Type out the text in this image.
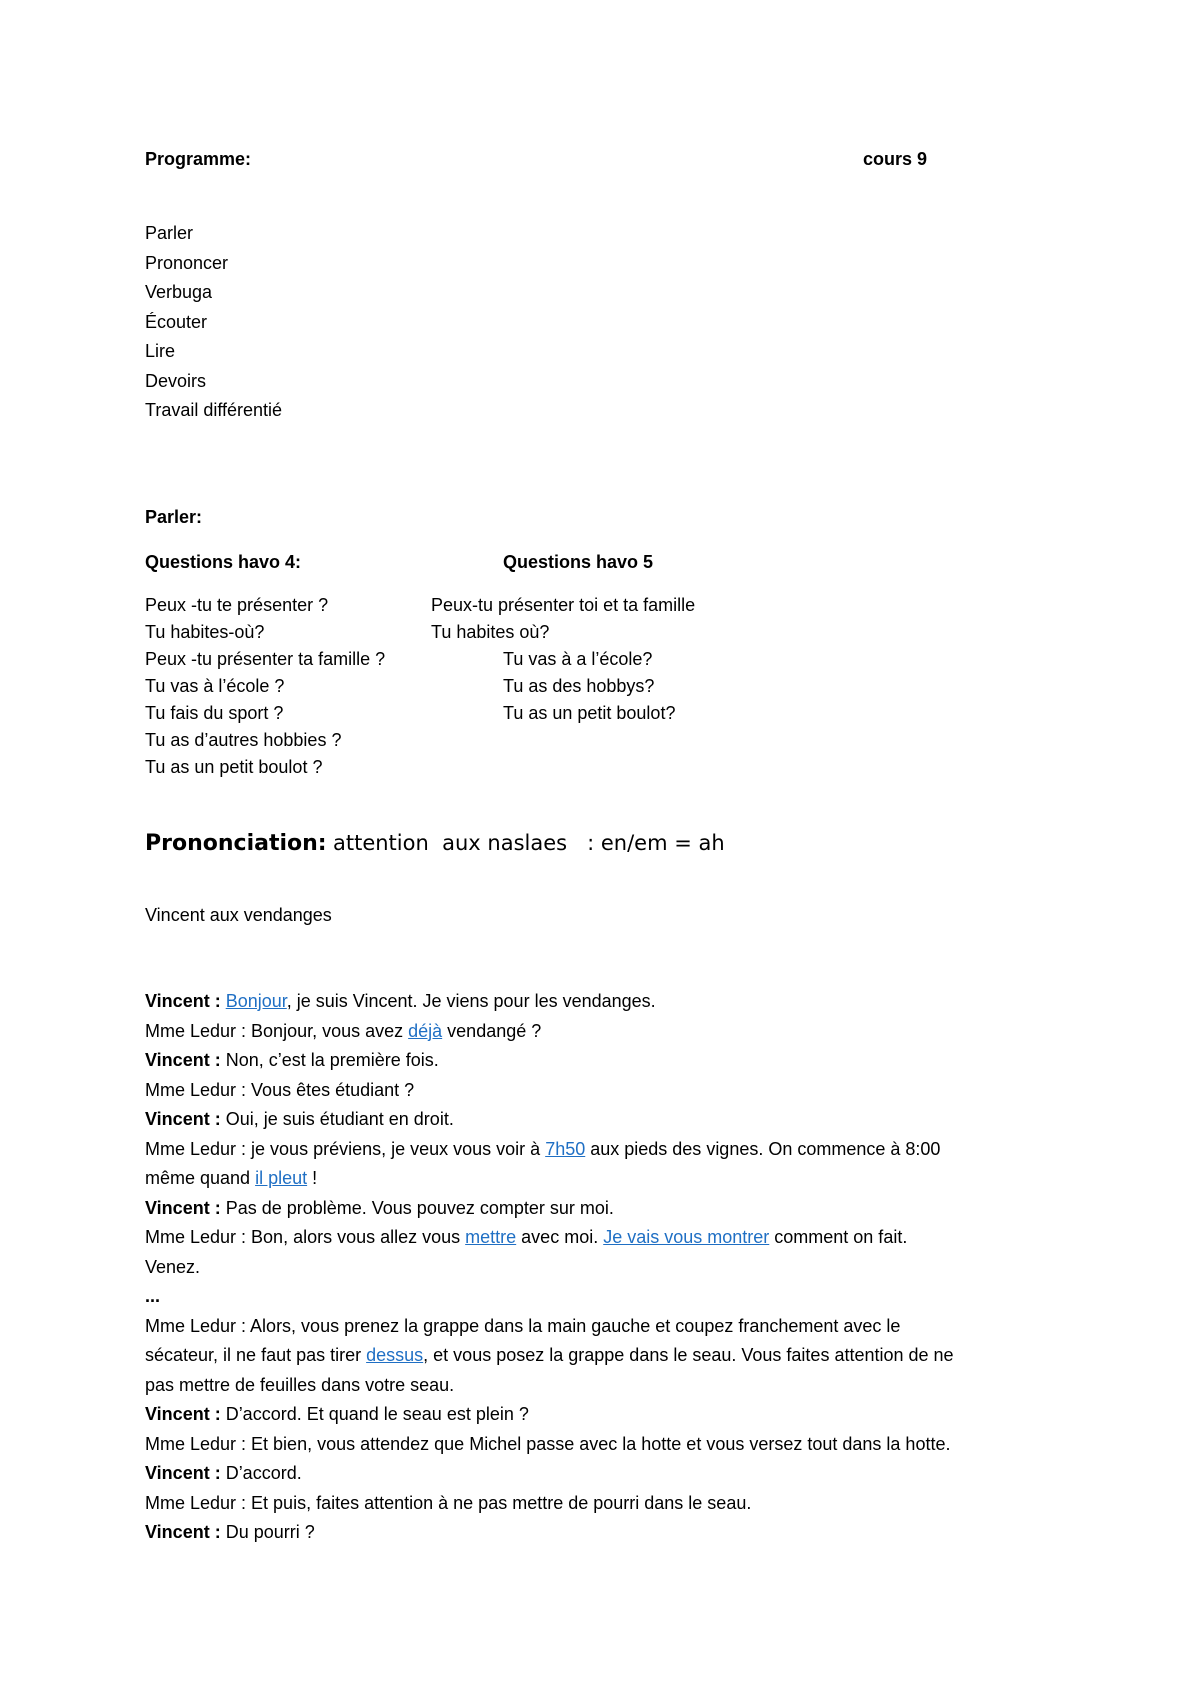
Programme:	cours 9
Parler
Prononcer
Verbuga
Écouter
Lire
Devoirs
Travail différentié
Parler:
Questions havo 4:	Questions havo 5
Peux -tu te présenter ?
Tu habites-où?
Peux -tu présenter ta famille ?
Tu vas à l’école ?
Tu fais du sport ?
Tu as d’autres hobbies ?
Tu as un petit boulot ?
Peux-tu présenter toi et ta famille
Tu habites où?
Tu vas à a l’école?
Tu as des hobbys?
Tu as un petit boulot?
Prononciation: attention  aux naslaes   : en/em = ah
Vincent aux vendanges
Vincent : Bonjour, je suis Vincent. Je viens pour les vendanges.
Mme Ledur : Bonjour, vous avez déjà vendangé ?
Vincent : Non, c’est la première fois.
Mme Ledur : Vous êtes étudiant ?
Vincent : Oui, je suis étudiant en droit.
Mme Ledur : je vous préviens, je veux vous voir à 7h50 aux pieds des vignes. On commence à 8:00
même quand il pleut !
Vincent : Pas de problème. Vous pouvez compter sur moi.
Mme Ledur : Bon, alors vous allez vous mettre avec moi. Je vais vous montrer comment on fait.
Venez.
...
Mme Ledur : Alors, vous prenez la grappe dans la main gauche et coupez franchement avec le
sécateur, il ne faut pas tirer dessus, et vous posez la grappe dans le seau. Vous faites attention de ne
pas mettre de feuilles dans votre seau.
Vincent : D’accord. Et quand le seau est plein ?
Mme Ledur : Et bien, vous attendez que Michel passe avec la hotte et vous versez tout dans la hotte.
Vincent : D’accord.
Mme Ledur : Et puis, faites attention à ne pas mettre de pourri dans le seau.
Vincent : Du pourri ?
